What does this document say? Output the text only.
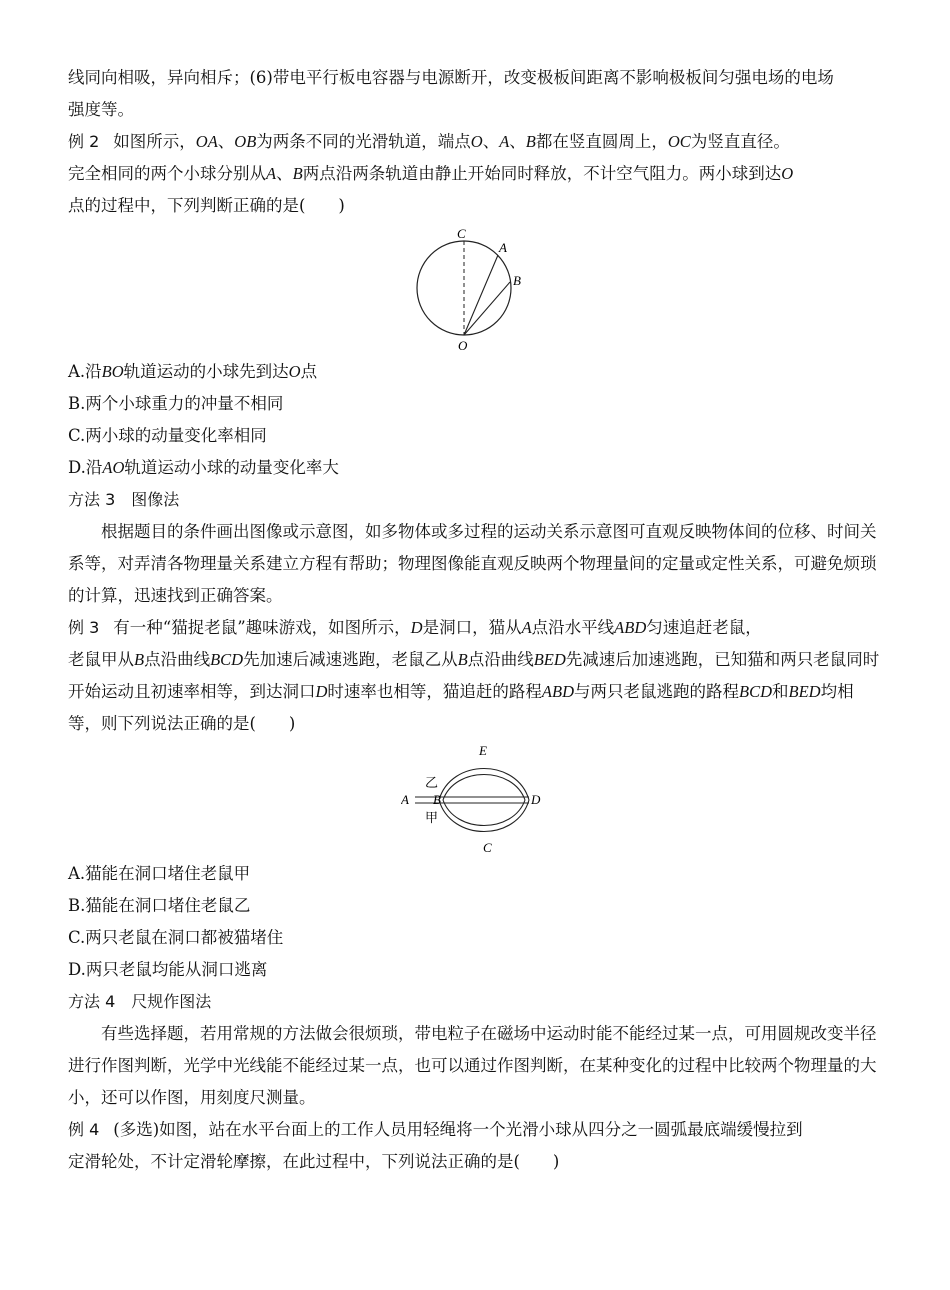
线同向相吸，异向相斥；(6)带电平行板电容器与电源断开，改变极板间距离不影响极板间匀强电场的电场

强度等。

例 2 如图所示，OA、OB为两条不同的光滑轨道，端点O、A、B都在竖直圆周上，OC为竖直直径。

完全相同的两个小球分别从A、B两点沿两条轨道由静止开始同时释放，不计空气阻力。两小球到达O

点的过程中，下列判断正确的是(　　)

C
A
B
O

A.沿BO轨道运动的小球先到达O点

B.两个小球重力的冲量不相同

C.两小球的动量变化率相同

D.沿AO轨道运动小球的动量变化率大

方法 3　图像法

根据题目的条件画出图像或示意图，如多物体或多过程的运动关系示意图可直观反映物体间的位移、时间关系等，对弄清各物理量关系建立方程有帮助；物理图像能直观反映两个物理量间的定量或定性关系，可避免烦琐的计算，迅速找到正确答案。

例 3 有一种“猫捉老鼠”趣味游戏，如图所示，D是洞口，猫从A点沿水平线ABD匀速追赶老鼠，
老鼠甲从B点沿曲线BCD先加速后减速逃跑，老鼠乙从B点沿曲线BED先减速后加速逃跑，已知猫和两只老鼠同时开始运动且初速率相等，到达洞口D时速率也相等，猫追赶的路程ABD与两只老鼠逃跑的路程BCD和BED均相等，则下列说法正确的是(　　)

E
乙
A B	D
甲
C

A.猫能在洞口堵住老鼠甲

B.猫能在洞口堵住老鼠乙

C.两只老鼠在洞口都被猫堵住

D.两只老鼠均能从洞口逃离

方法 4　尺规作图法

有些选择题，若用常规的方法做会很烦琐，带电粒子在磁场中运动时能不能经过某一点，可用圆规改变半径进行作图判断，光学中光线能不能经过某一点，也可以通过作图判断，在某种变化的过程中比较两个物理量的大小，还可以作图，用刻度尺测量。

例 4 (多选)如图，站在水平台面上的工作人员用轻绳将一个光滑小球从四分之一圆弧最底端缓慢拉到

定滑轮处，不计定滑轮摩擦，在此过程中，下列说法正确的是(　　)
